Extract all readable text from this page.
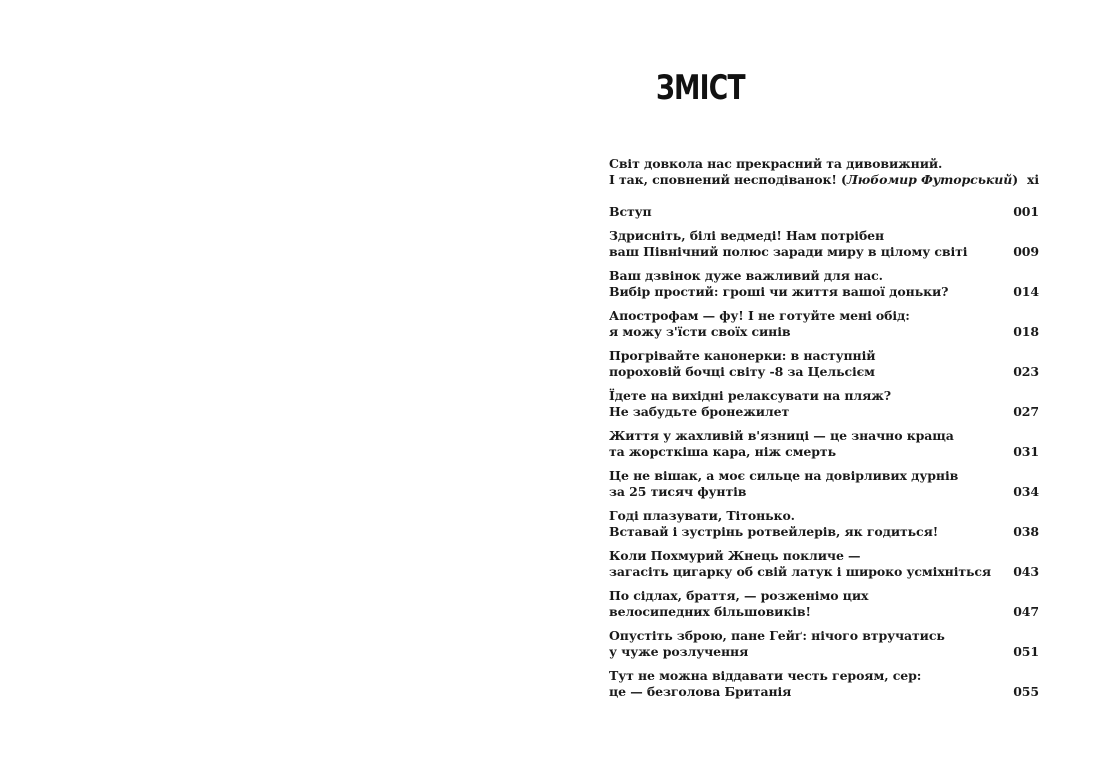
ЗМІСТ
Світ довкола нас прекрасний та дивовижний.
І так, сповнений несподіванок! (Любомир Футорський) xi
Вступ	001
Здрисніть, білі ведмеді! Нам потрібен
ваш Північний полюс заради миру в цілому світі	009
Ваш дзвінок дуже важливий для нас.
Вибір простий: гроші чи життя вашої доньки?	014
Апострофам — фу! І не готуйте мені обід:
я можу з'їсти своїх синів	018
Прогрівайте канонерки: в наступній
пороховій бочці світу -8 за Цельсієм	023
Їдете на вихідні релаксувати на пляж?
Не забудьте бронежилет	027
Життя у жахливій в'язниці — це значно краща
та жорсткіша кара, ніж смерть	031
Це не вішак, а моє сильце на довірливих дурнів
за 25 тисяч фунтів	034
Годі плазувати, Тітонько.
Вставай і зустрінь ротвейлерів, як годиться!	038
Коли Похмурий Жнець покличе —
загасіть цигарку об свій латук і широко усміхніться 043
По сідлах, браття, — розженімо цих
велосипедних більшовиків!	047
Опустіть зброю, пане Гейґ: нічого втручатись
у чуже розлучення	051
Тут не можна віддавати честь героям, сер:
це — безголова Британія	055
